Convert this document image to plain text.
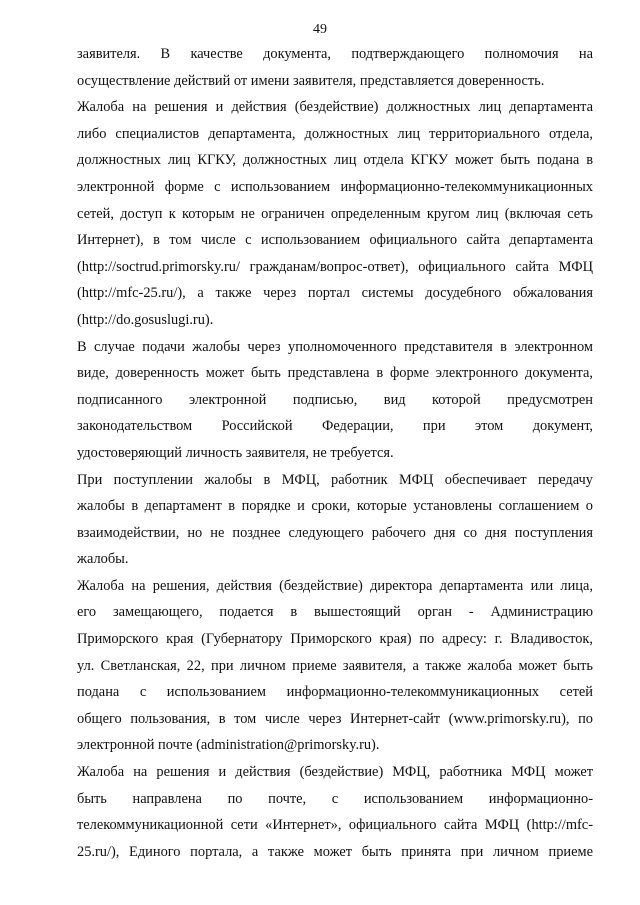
49
заявителя. В качестве документа, подтверждающего полномочия на
осуществление действий от имени заявителя, представляется доверенность.
Жалоба на решения и действия (бездействие) должностных лиц департамента
либо специалистов департамента, должностных лиц территориального отдела,
должностных лиц КГКУ, должностных лиц отдела КГКУ может быть подана в
электронной форме с использованием информационно-телекоммуникационных
сетей, доступ к которым не ограничен определенным кругом лиц (включая сеть
Интернет), в том числе с использованием официального сайта департамента
(http://soctrud.primorsky.ru/ гражданам/вопрос-ответ), официального сайта МФЦ
(http://mfc-25.ru/), а также через портал системы досудебного обжалования
(http://do.gosuslugi.ru).
В случае подачи жалобы через уполномоченного представителя в электронном
виде, доверенность может быть представлена в форме электронного документа,
подписанного электронной подписью, вид которой предусмотрен
законодательством Российской Федерации, при этом документ,
удостоверяющий личность заявителя, не требуется.
При поступлении жалобы в МФЦ, работник МФЦ обеспечивает передачу
жалобы в департамент в порядке и сроки, которые установлены соглашением о
взаимодействии, но не позднее следующего рабочего дня со дня поступления
жалобы.
Жалоба на решения, действия (бездействие) директора департамента или лица,
его замещающего, подается в вышестоящий орган - Администрацию
Приморского края (Губернатору Приморского края) по адресу: г. Владивосток,
ул. Светланская, 22, при личном приеме заявителя, а также жалоба может быть
подана с использованием информационно-телекоммуникационных сетей
общего пользования, в том числе через Интернет-сайт (www.primorsky.ru), по
электронной почте (administration@primorsky.ru).
Жалоба на решения и действия (бездействие) МФЦ, работника МФЦ может
быть направлена по почте, с использованием информационно-
телекоммуникационной сети «Интернет», официального сайта МФЦ (http://mfc-
25.ru/), Единого портала, а также может быть принята при личном приеме
